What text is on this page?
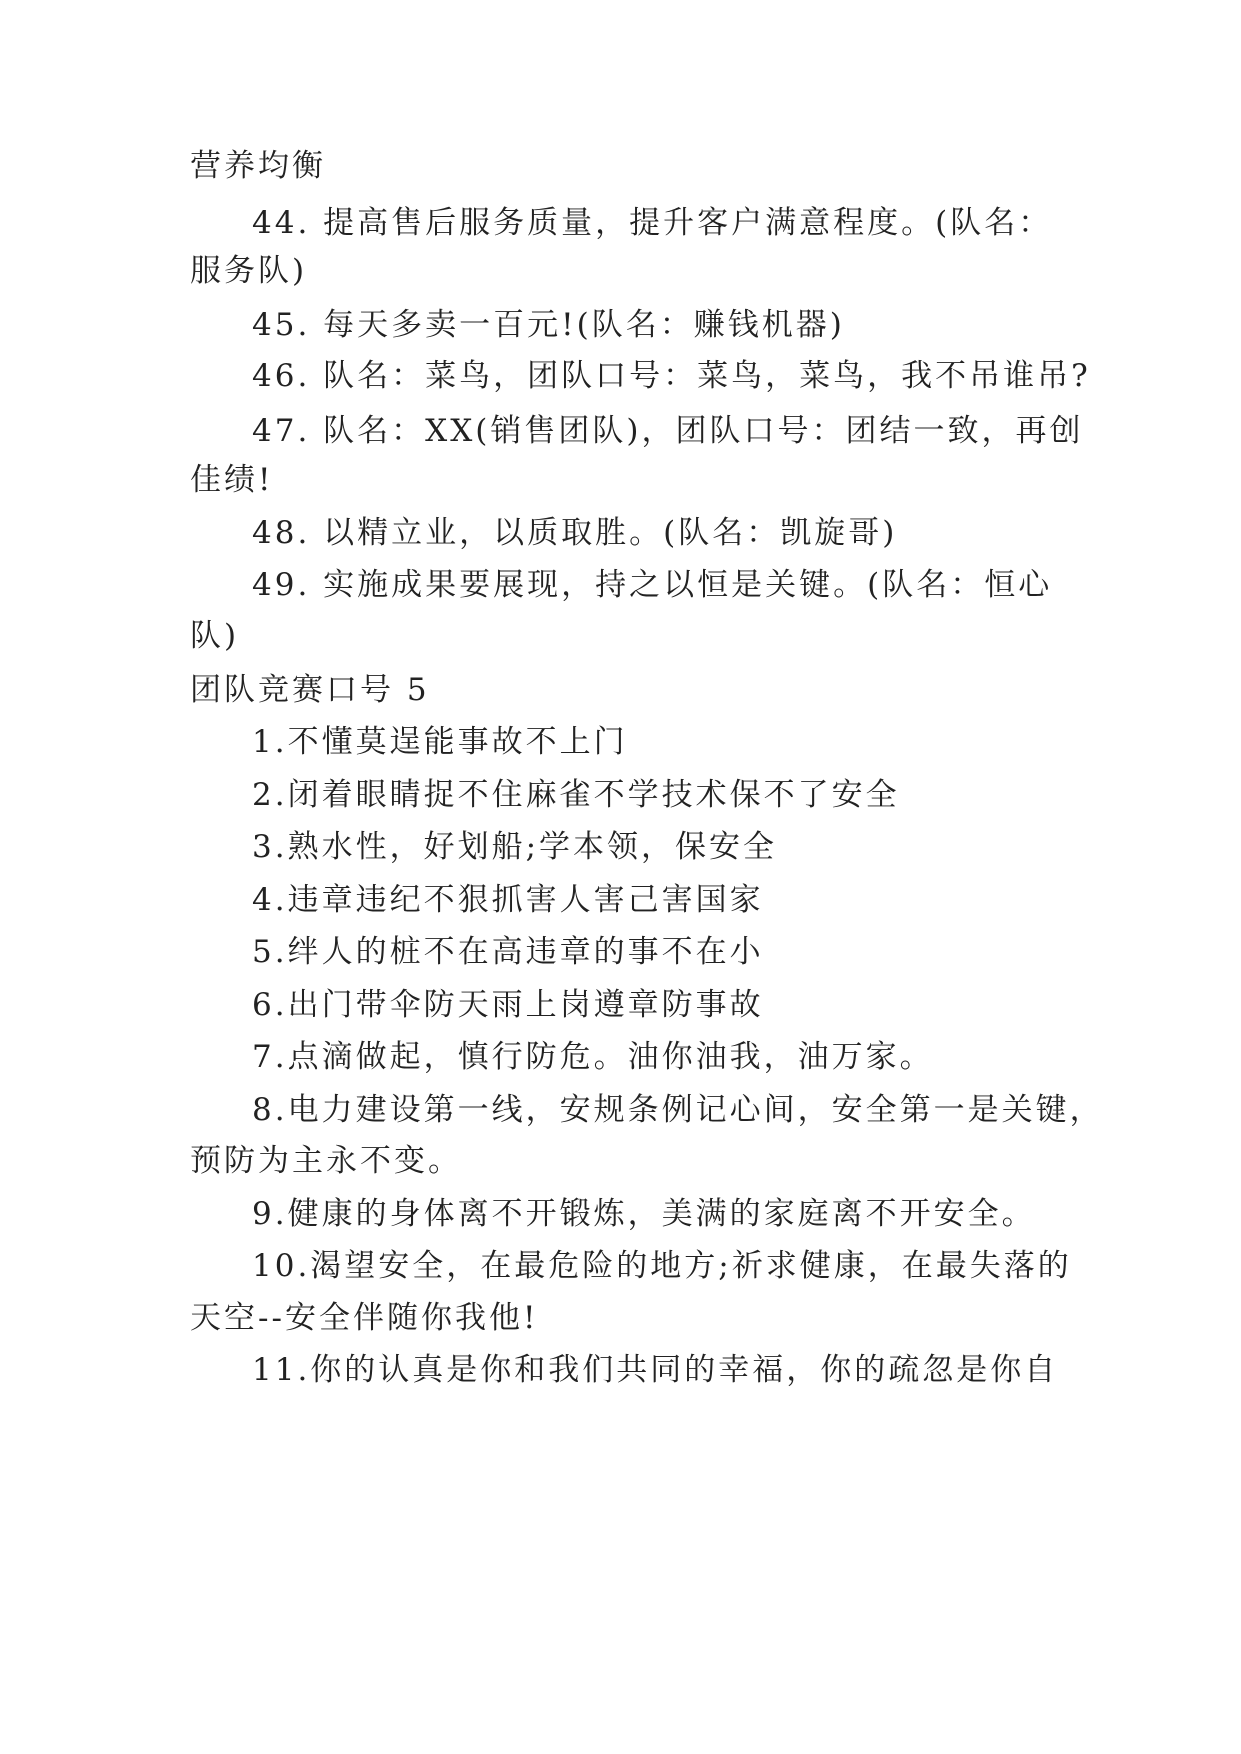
营养均衡
44. 提高售后服务质量，提升客户满意程度。(队名：
服务队)
45. 每天多卖一百元!(队名：赚钱机器)
46. 队名：菜鸟，团队口号：菜鸟，菜鸟，我不吊谁吊?
47. 队名：XX(销售团队)，团队口号：团结一致，再创
佳绩!
48. 以精立业，以质取胜。(队名：凯旋哥)
49. 实施成果要展现，持之以恒是关键。(队名：恒心
队)
团队竞赛口号 5
1.不懂莫逞能事故不上门
2.闭着眼睛捉不住麻雀不学技术保不了安全
3.熟水性，好划船;学本领，保安全
4.违章违纪不狠抓害人害己害国家
5.绊人的桩不在高违章的事不在小
6.出门带伞防天雨上岗遵章防事故
7.点滴做起，慎行防危。油你油我，油万家。
8.电力建设第一线，安规条例记心间，安全第一是关键，
预防为主永不变。
9.健康的身体离不开锻炼，美满的家庭离不开安全。
10.渴望安全，在最危险的地方;祈求健康，在最失落的
天空--安全伴随你我他!
11.你的认真是你和我们共同的幸福，你的疏忽是你自
